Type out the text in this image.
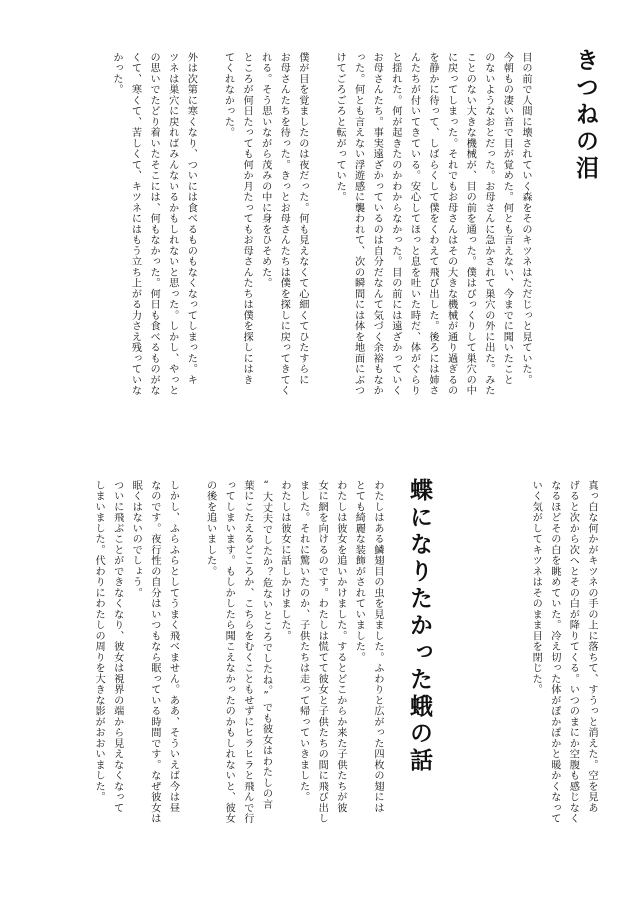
きつねの泪
目の前で人間に壊されていく森をそのキツネはただじっと見ていた。
今朝もの凄い音で目が覚めた。何とも言えない、今までに聞いたこと
のないようなおとだった。お母さんに急かされて巣穴の外に出た。みた
ことのない大きな機械が、目の前を通った。僕はびっくりして巣穴の中
に戻ってしまった。それでもお母さんはその大きな機械が通り過ぎるの
を静かに待って、しばらくして僕をくわえて飛び出した。後ろには姉さ
んたちが付いてきている。安心してほっと息を吐いた時だ、体がぐらり
と揺れた。何が起きたのかわからなかった。目の前には遠ざかっていく
お母さんたち。事実遠ざかっているのは自分だなんて気づく余裕もなか
った。何とも言えない浮遊感に襲われて、次の瞬間には体を地面にぶつ
けてごろごろと転がっていた。
僕が目を覚ましたのは夜だった。何も見えなくて心細くてひたすらに
お母さんたちを待った。きっとお母さんたちは僕を探しに戻ってきてく
れる。そう思いながら茂みの中に身をひそめた。
ところが何日たっても何か月たってもお母さんたちは僕を探しにはき
てくれなかった。
外は次第に寒くなり、ついには食べるものもなくなってしまった。キ
ツネは巣穴に戻ればみんないるかもしれないと思った。しかし、やっと
の思いでたどり着いたそこには、何もなかった。何日も食べるものがな
くて、寒くて、苦しくて、キツネにはもう立ち上がる力さえ残っていな
かった。
真っ白な何かがキツネの手の上に落ちて、すうっと消えた。空を見あ
げると次から次へとその白が降りてくる。いつのまにか空腹も感じなく
なるほどその白を眺めていた。冷え切った体がぽかぽかと暖かくなって
いく気がしてキツネはそのまま目を閉じた。
蝶になりたかった蛾の話
わたしはある鱗翅目の虫を見ました。ふわりと広がった四枚の翅には
とても綺麗な装飾がされていました。
わたしは彼女を追いかけました。するとどこからか来た子供たちが彼
女に網を向けるのです。わたしは慌てて彼女と子供たちの間に飛び出し
ました。それに驚いたのか、子供たちは走って帰っていきました。
わたしは彼女に話しかけました。
“大丈夫でしたか？危ないところでしたね。”でも彼女はわたしの言
葉にこたえるどころか、こちらをむくこともせずにヒラヒラと飛んで行
ってしまいます。もしかしたら聞こえなかったのかもしれないと、彼女
の後を追いました。
しかし、ふらふらとしてうまく飛べません。ああ、そういえば今は昼
なのです。夜行性の自分はいつもなら眠っている時間です。なぜ彼女は
眠くはないのでしょう。
ついに飛ぶことができなくなり、彼女は視界の端から見えなくなって
しまいました。代わりにわたしの周りを大きな影がおおいました。
